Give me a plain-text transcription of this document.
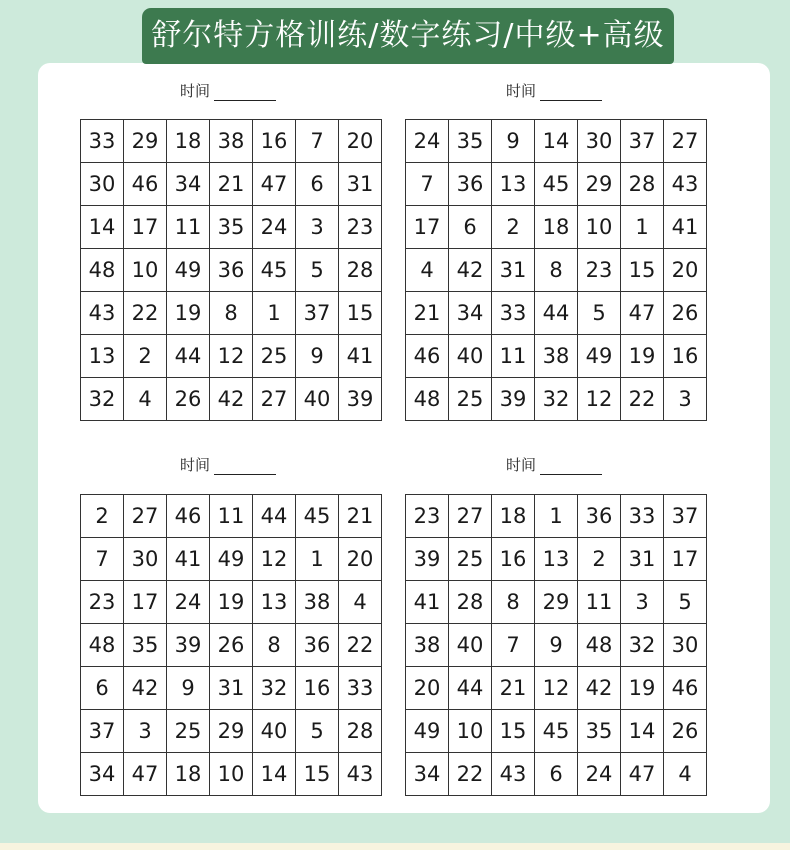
舒尔特方格训练/数字练习/中级+高级
时间	时间
时间	时间
33 29 18 38 16	7	20
30 46 34 21 47	6	31
14 17 11 35 24	3	23
48 10 49 36 45	5	28
43 22 19	8	1	37 15
13	2	44 12 25	9	41
32	4	26 42 27 40 39
24 35	9	14 30 37 27
7	36 13 45 29 28 43
17	6	2	18 10	1	41
4	42 31	8	23 15 20
21 34 33 44	5	47 26
46 40 11 38 49 19 16
48 25 39 32 12 22	3
2	27 46 11 44 45 21
7	30 41 49 12	1	20
23 17 24 19 13 38	4
48 35 39 26	8	36 22
6	42	9	31 32 16 33
37	3	25 29 40	5	28
34 47 18 10 14 15 43
23 27 18	1	36 33 37
39 25 16 13	2	31 17
41 28	8	29 11	3	5
38 40	7	9	48 32 30
20 44 21 12 42 19 46
49 10 15 45 35 14 26
34 22 43	6	24 47	4
